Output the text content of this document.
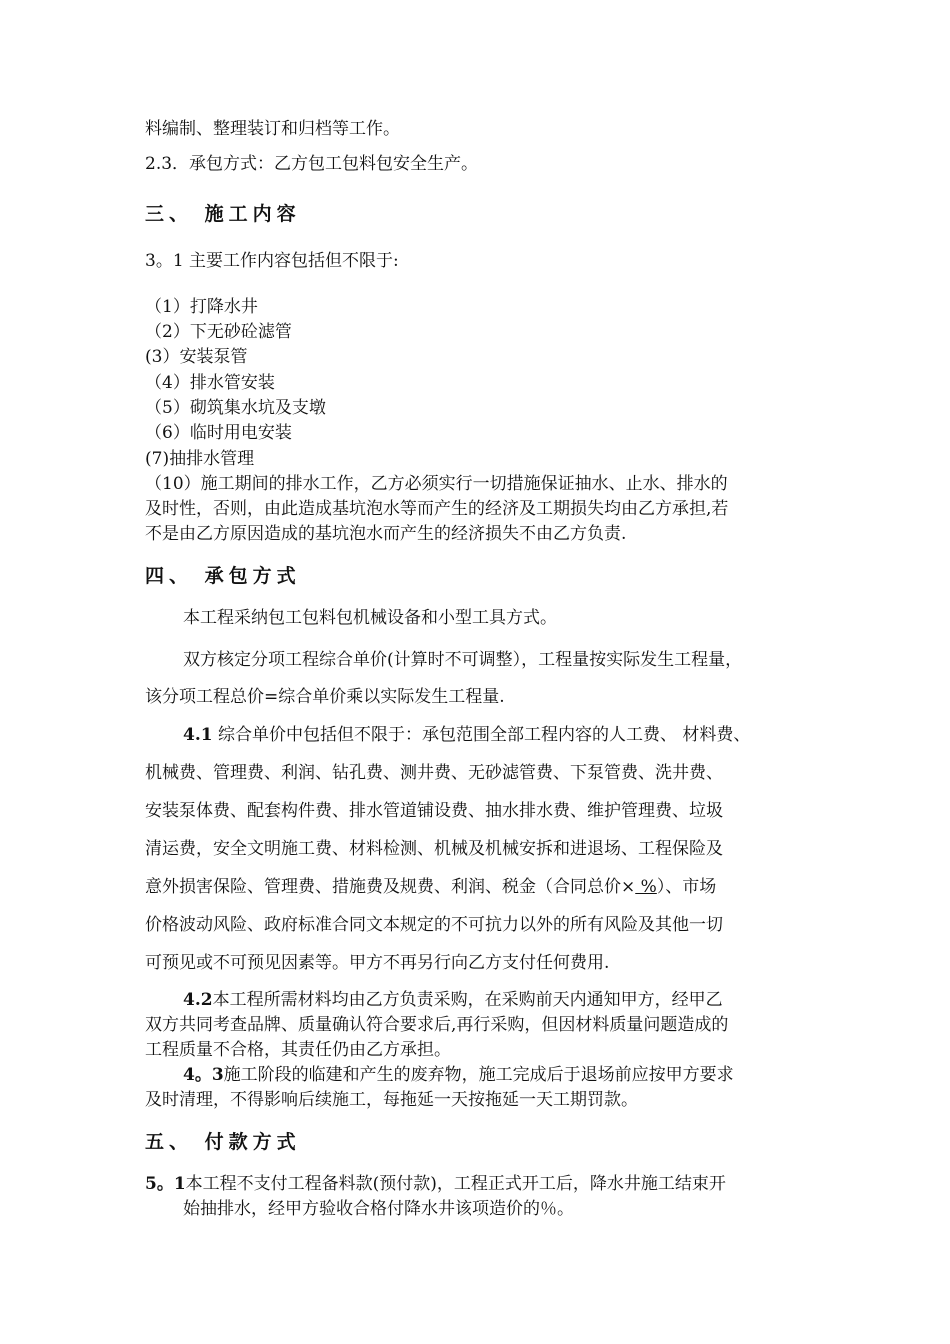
料编制、整理装订和归档等工作。
2.3．承包方式：乙方包工包料包安全生产。
三、 施工内容
3。1 主要工作内容包括但不限于:
（1）打降水井
（2）下无砂砼滤管
(3）安装泵管
（4）排水管安装
（5）砌筑集水坑及支墩
（6）临时用电安装
(7)抽排水管理
（10）施工期间的排水工作，乙方必须实行一切措施保证抽水、止水、排水的
及时性，否则，由此造成基坑泡水等而产生的经济及工期损失均由乙方承担,若
不是由乙方原因造成的基坑泡水而产生的经济损失不由乙方负责.
四、 承包方式
本工程采纳包工包料包机械设备和小型工具方式。
双方核定分项工程综合单价(计算时不可调整），工程量按实际发生工程量，
该分项工程总价=综合单价乘以实际发生工程量.
4.1 综合单价中包括但不限于：承包范围全部工程内容的人工费、 材料费、
机械费、管理费、利润、钻孔费、测井费、无砂滤管费、下泵管费、洗井费、
安装泵体费、配套构件费、排水管道铺设费、抽水排水费、维护管理费、垃圾
清运费，安全文明施工费、材料检测、机械及机械安拆和进退场、工程保险及
意外损害保险、管理费、措施费及规费、利润、税金（合同总价× %）、市场
价格波动风险、政府标准合同文本规定的不可抗力以外的所有风险及其他一切
可预见或不可预见因素等。甲方不再另行向乙方支付任何费用.
4.2本工程所需材料均由乙方负责采购，在采购前天内通知甲方，经甲乙
双方共同考查品牌、质量确认符合要求后,再行采购，但因材料质量问题造成的
工程质量不合格，其责任仍由乙方承担。
4。3施工阶段的临建和产生的废弃物，施工完成后于退场前应按甲方要求
及时清理，不得影响后续施工，每拖延一天按拖延一天工期罚款。
五、 付款方式
5。1本工程不支付工程备料款(预付款)，工程正式开工后，降水井施工结束开
始抽排水，经甲方验收合格付降水井该项造价的％。
